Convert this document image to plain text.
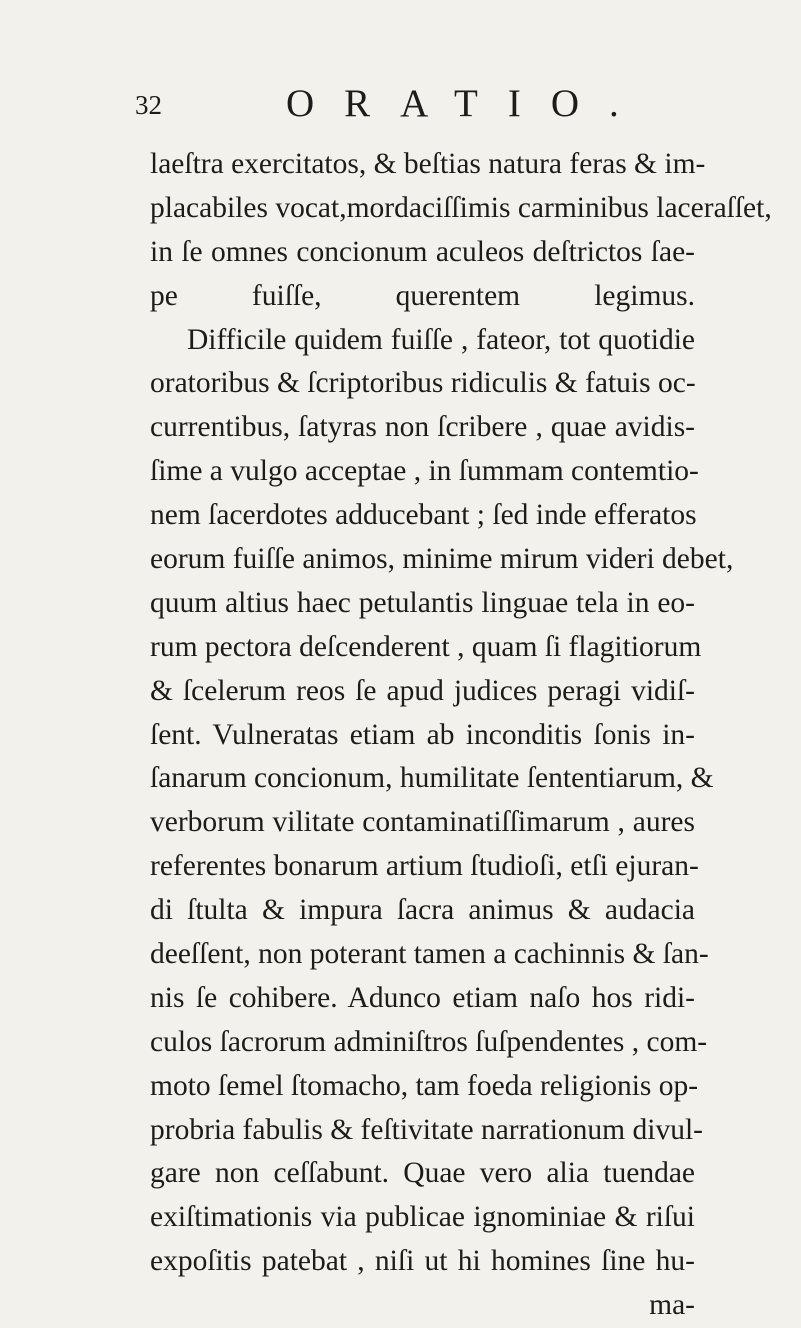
32	ORATIO.
laeſtra exercitatos, & beſtias natura feras & im-
placabiles vocat,mordaciſſimis carminibus laceraſſet,
in ſe omnes concionum aculeos deſtrictos ſae-
pe fuiſſe, querentem legimus.
Difficile quidem fuiſſe , fateor, tot quotidie
oratoribus & ſcriptoribus ridiculis & fatuis oc-
currentibus, ſatyras non ſcribere , quae avidis-
ſime a vulgo acceptae , in ſummam contemtio-
nem ſacerdotes adducebant ; ſed inde efferatos
eorum fuiſſe animos, minime mirum videri debet,
quum altius haec petulantis linguae tela in eo-
rum pectora deſcenderent , quam ſi flagitiorum
& ſcelerum reos ſe apud judices peragi vidiſ-
ſent. Vulneratas etiam ab inconditis ſonis in-
ſanarum concionum, humilitate ſententiarum, &
verborum vilitate contaminatiſſimarum , aures
referentes bonarum artium ſtudioſi, etſi ejuran-
di ſtulta & impura ſacra animus & audacia
deeſſent, non poterant tamen a cachinnis & ſan-
nis ſe cohibere. Adunco etiam naſo hos ridi-
culos ſacrorum adminiſtros ſuſpendentes , com-
moto ſemel ſtomacho, tam foeda religionis op-
probria fabulis & feſtivitate narrationum divul-
gare non ceſſabunt. Quae vero alia tuendae
exiſtimationis via publicae ignominiae & riſui
expoſitis patebat , niſi ut hi homines ſine hu-
ma-
